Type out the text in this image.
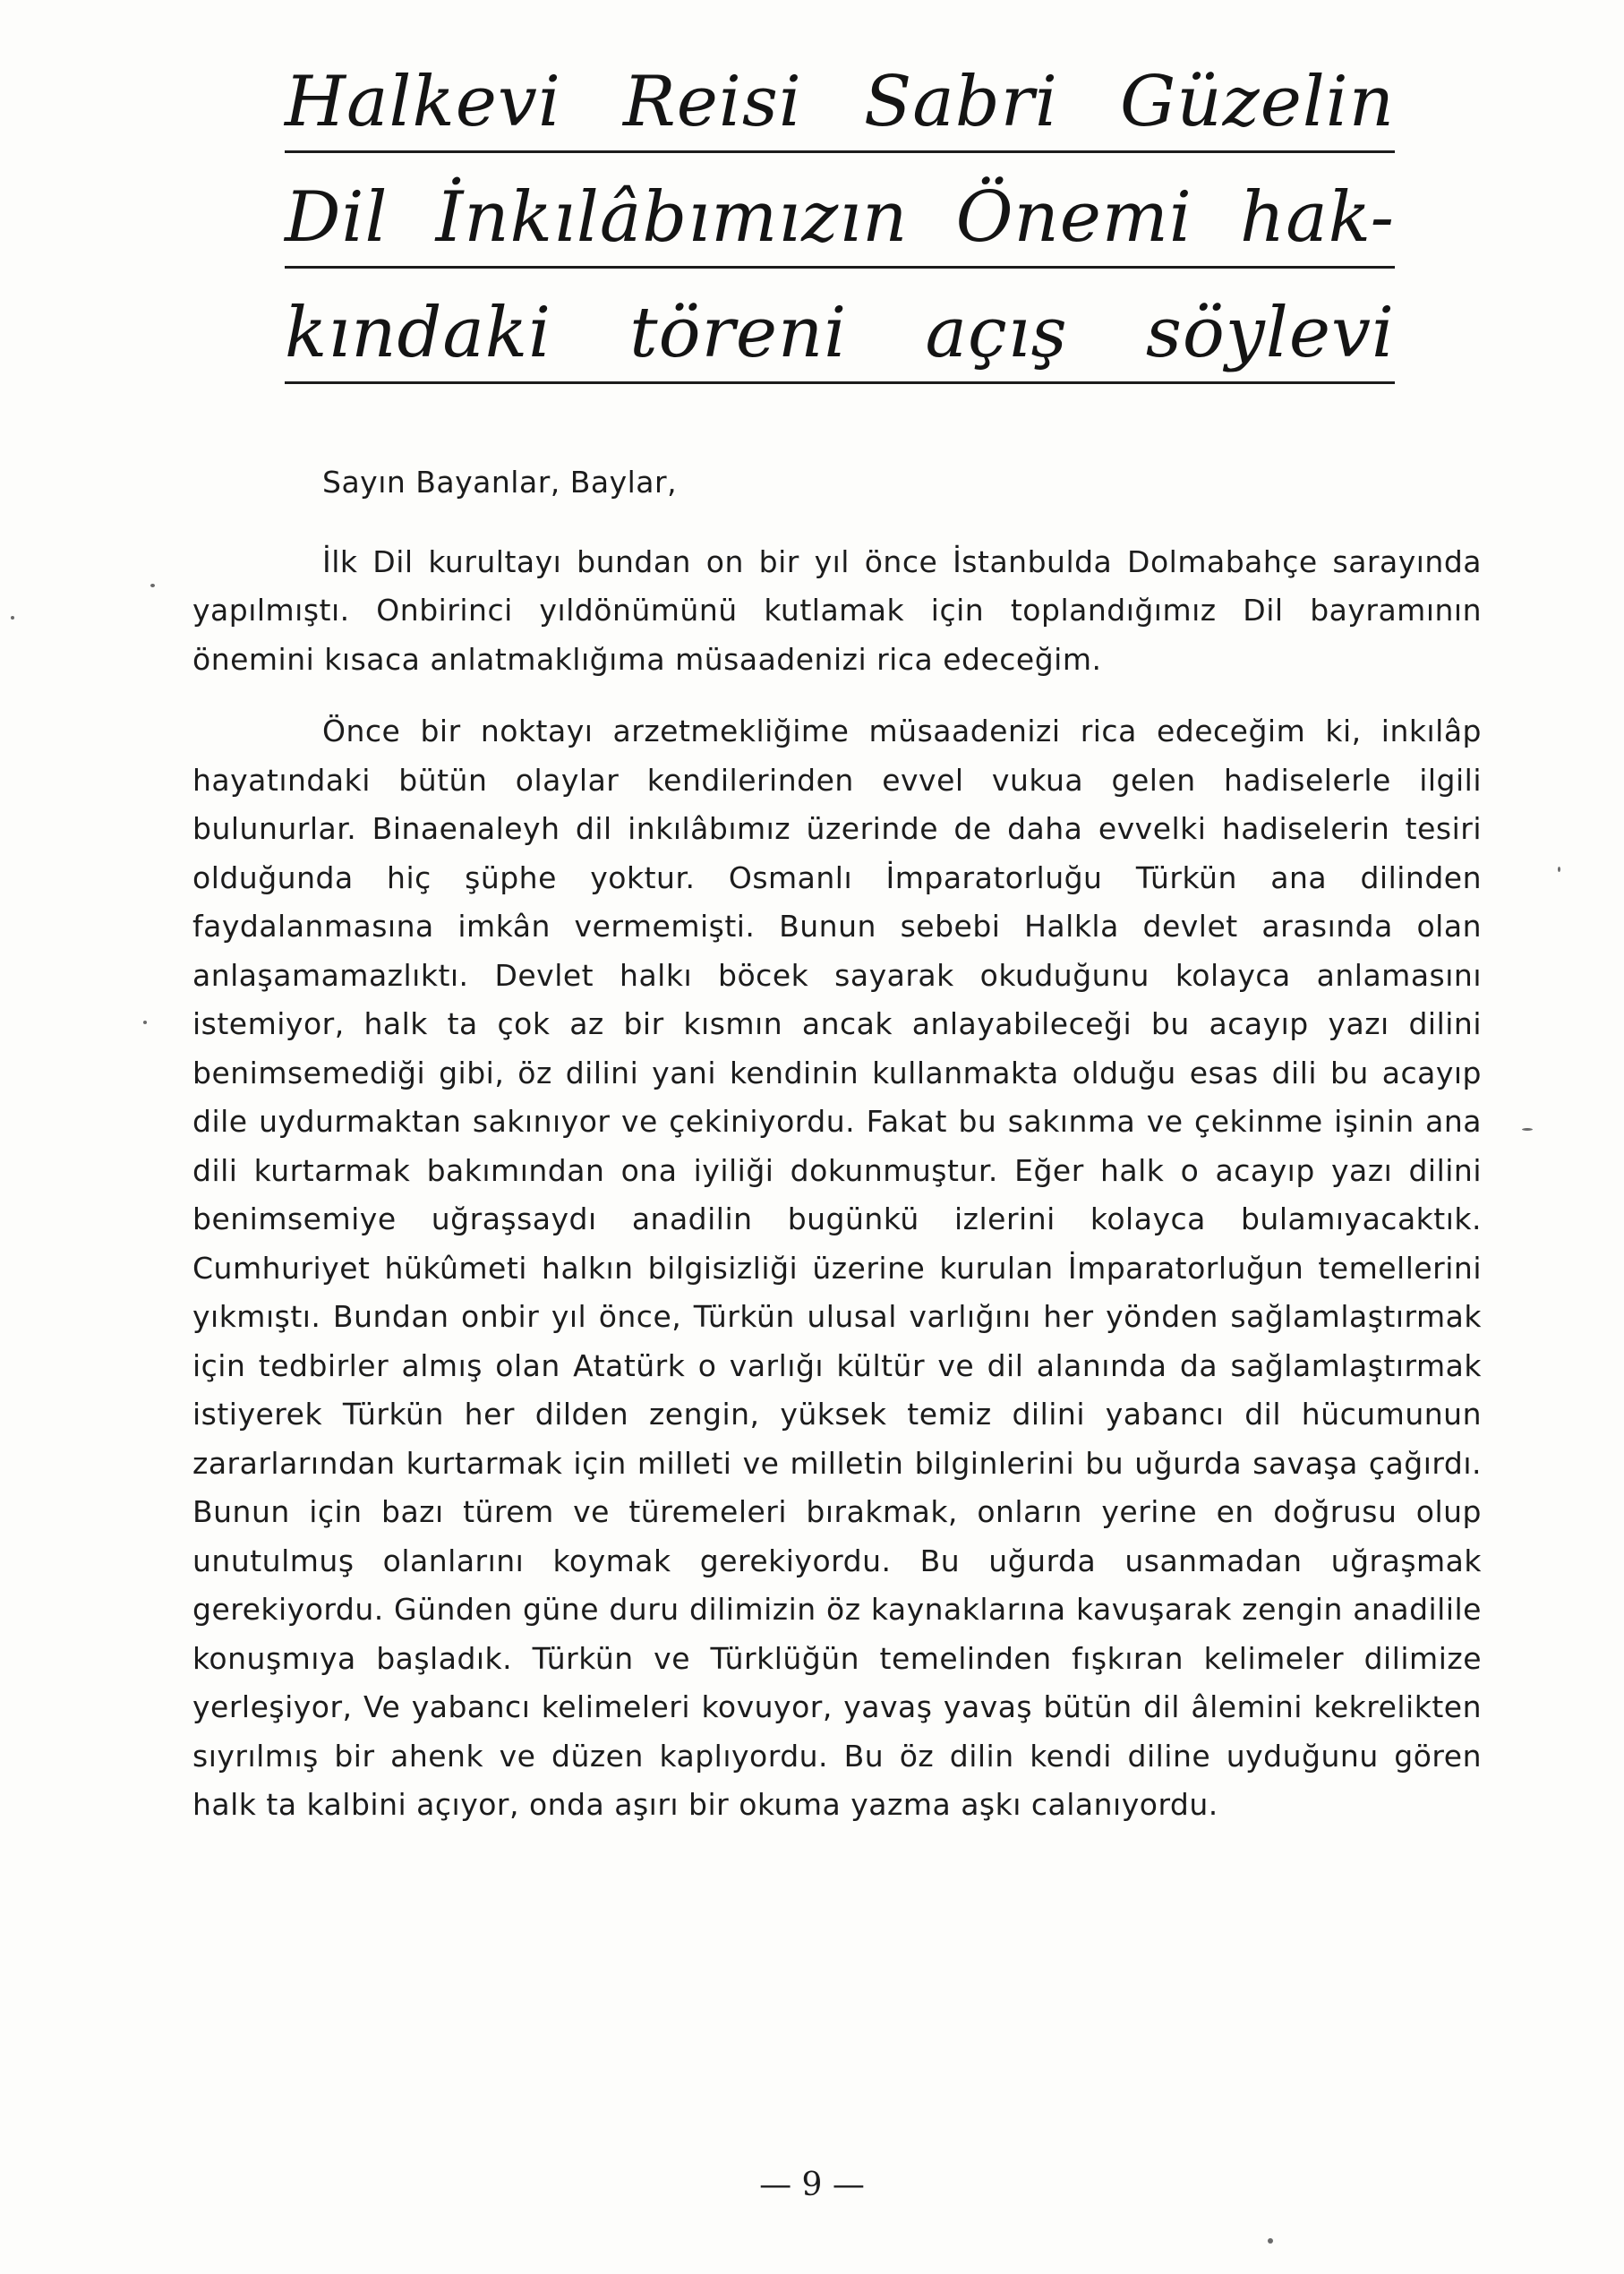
Halkevi Reisi Sabri Güzelin
Dil İnkılâbımızın Önemi hak-
kındaki töreni açış söylevi

Sayın Bayanlar, Baylar,

İlk Dil kurultayı bundan on bir yıl önce İstanbulda Dolmabahçe sarayında yapılmıştı. Onbirinci yıldönümünü kutlamak için toplandığımız Dil bayramının önemini kısaca anlatmaklığıma müsaadenizi rica edeceğim.

Önce bir noktayı arzetmekliğime müsaadenizi rica edeceğim ki, inkılâp hayatındaki bütün olaylar kendilerinden evvel vukua gelen hadiselerle ilgili bulunurlar. Binaenaleyh dil inkılâbımız üzerinde de daha evvelki hadiselerin tesiri olduğunda hiç şüphe yoktur. Osmanlı İmparatorluğu Türkün ana dilinden faydalanmasına imkân vermemişti. Bunun sebebi Halkla devlet arasında olan anlaşamamazlıktı. Devlet halkı böcek sayarak okuduğunu kolayca anlamasını istemiyor, halk ta çok az bir kısmın ancak anlayabileceği bu acayıp yazı dilini benimsemediği gibi, öz dilini yani kendinin kullanmakta olduğu esas dili bu acayıp dile uydurmaktan sakınıyor ve çekiniyordu. Fakat bu sakınma ve çekinme işinin ana dili kurtarmak bakımından ona iyiliği dokunmuştur. Eğer halk o acayıp yazı dilini benimsemiye uğraşsaydı anadilin bugünkü izlerini kolayca bulamıyacaktık. Cumhuriyet hükûmeti halkın bilgisizliği üzerine kurulan İmparatorluğun temellerini yıkmıştı. Bundan onbir yıl önce, Türkün ulusal varlığını her yönden sağlamlaştırmak için tedbirler almış olan Atatürk o varlığı kültür ve dil alanında da sağlamlaştırmak istiyerek Türkün her dilden zengin, yüksek temiz dilini yabancı dil hücumunun zararlarından kurtarmak için milleti ve milletin bilginlerini bu uğurda savaşa çağırdı. Bunun için bazı türem ve türemeleri bırakmak, onların yerine en doğrusu olup unutulmuş olanlarını koymak gerekiyordu. Bu uğurda usanmadan uğraşmak gerekiyordu. Günden güne duru dilimizin öz kaynaklarına kavuşarak zengin anadilile konuşmıya başladık. Türkün ve Türklüğün temelinden fışkıran kelimeler dilimize yerleşiyor, Ve yabancı kelimeleri kovuyor, yavaş yavaş bütün dil âlemini kekrelikten sıyrılmış bir ahenk ve düzen kaplıyordu. Bu öz dilin kendi diline uyduğunu gören halk ta kalbini açıyor, onda aşırı bir okuma yazma aşkı calanıyordu.

— 9 —
